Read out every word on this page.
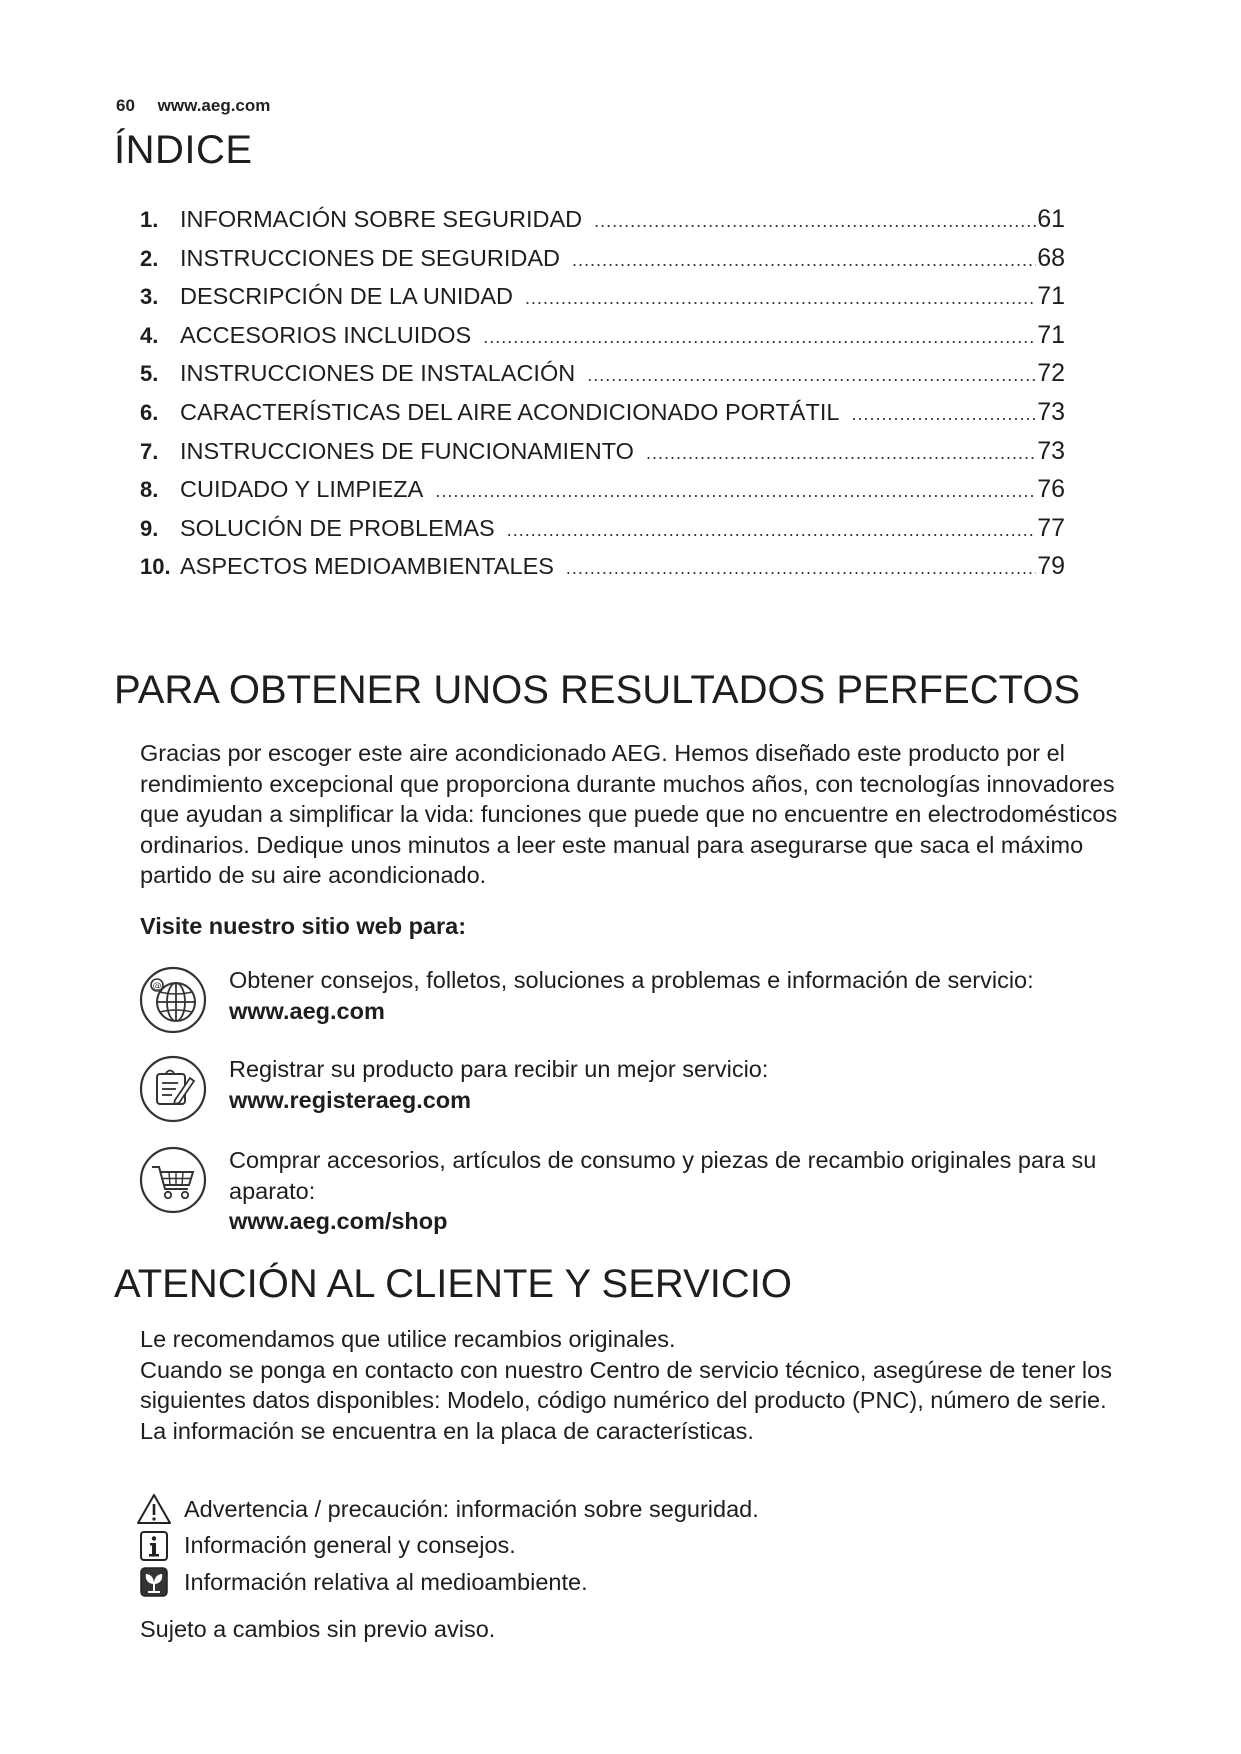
60 www.aeg.com
ÍNDICE
1. INFORMACIÓN SOBRE SEGURIDAD .....	61
2. INSTRUCCIONES DE SEGURIDAD .....	68
3. DESCRIPCIÓN DE LA UNIDAD .....	71
4. ACCESORIOS INCLUIDOS .....	71
5. INSTRUCCIONES DE INSTALACIÓN .....	72
6. CARACTERÍSTICAS DEL AIRE ACONDICIONADO PORTÁTIL .....	73
7. INSTRUCCIONES DE FUNCIONAMIENTO .....	73
8. CUIDADO Y LIMPIEZA .....	76
9. SOLUCIÓN DE PROBLEMAS .....	77
10. ASPECTOS MEDIOAMBIENTALES .....	79
PARA OBTENER UNOS RESULTADOS PERFECTOS

Gracias por escoger este aire acondicionado AEG. Hemos diseñado este producto por el rendimiento excepcional que proporciona durante muchos años, con tecnologías innovadores que ayudan a simplificar la vida: funciones que puede que no encuentre en electrodomésticos ordinarios. Dedique unos minutos a leer este manual para asegurarse que saca el máximo partido de su aire acondicionado.

Visite nuestro sitio web para:

@	Obtener consejos, folletos, soluciones a problemas e información de servicio:
www.aeg.com
Registrar su producto para recibir un mejor servicio:
www.registeraeg.com
Comprar accesorios, artículos de consumo y piezas de recambio originales para su aparato:
www.aeg.com/shop
ATENCIÓN AL CLIENTE Y SERVICIO
Le recomendamos que utilice recambios originales.
Cuando se ponga en contacto con nuestro Centro de servicio técnico, asegúrese de tener los siguientes datos disponibles: Modelo, código numérico del producto (PNC), número de serie.
La información se encuentra en la placa de características.
Advertencia / precaución: información sobre seguridad.
Información general y consejos.
Información relativa al medioambiente.

Sujeto a cambios sin previo aviso.
